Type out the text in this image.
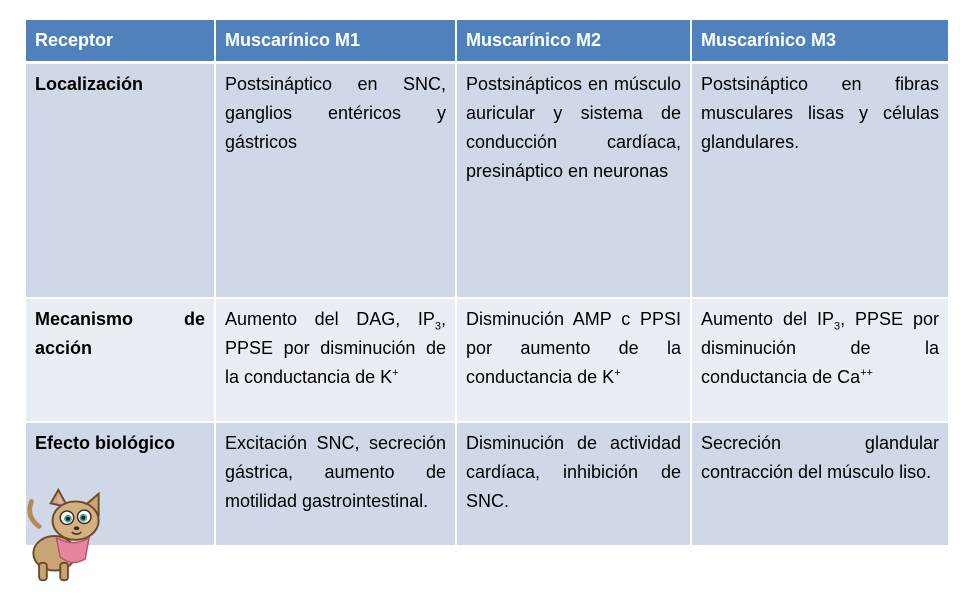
Receptor	Muscarínico M1	Muscarínico M2	Muscarínico M3
Localización	Postsináptico en SNC, ganglios entéricos y gástricos	Postsinápticos en músculo auricular y sistema de conducción cardíaca, presináptico en neuronas	Postsináptico en fibras musculares lisas y células glandulares.
Mecanismo de acción	Aumento del DAG, $IP_3$, PPSE por disminución de la conductancia de K+	Disminución AMP c PPSI por aumento de la conductancia de K+	Aumento del $IP_3$, PPSE por disminución de la conductancia de Ca++
Efecto biológico	Excitación SNC, secreción gástrica, aumento de motilidad gastrointestinal.	Disminución de actividad cardíaca, inhibición de SNC.	Secreción glandular contracción del músculo liso.
